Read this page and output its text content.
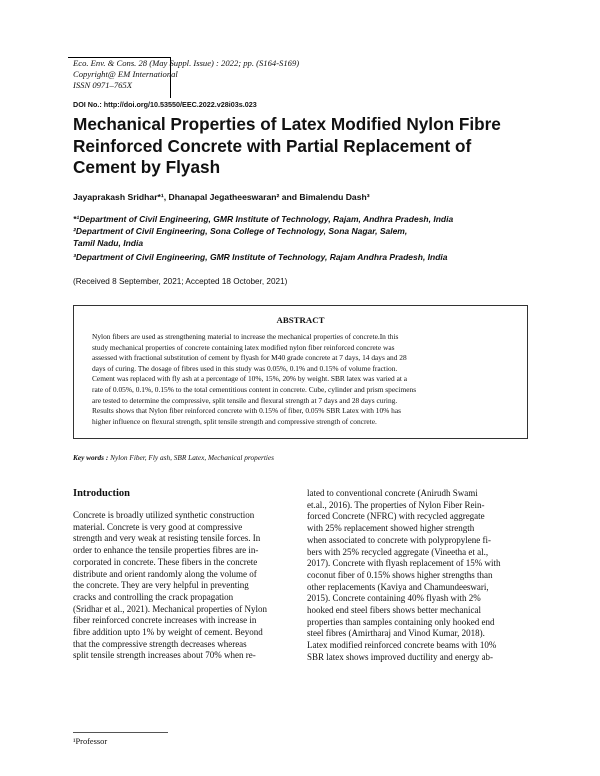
Eco. Env. & Cons. 28 (May Suppl. Issue) : 2022; pp. (S164-S169)
Copyright@ EM International
ISSN 0971–765X
DOI No.: http://doi.org/10.53550/EEC.2022.v28i03s.023
Mechanical Properties of Latex Modified Nylon Fibre
Reinforced Concrete with Partial Replacement of
Cement by Flyash
Jayaprakash Sridhar*¹, Dhanapal Jegatheeswaran² and Bimalendu Dash³
*¹Department of Civil Engineering, GMR Institute of Technology, Rajam, Andhra Pradesh, India
²Department of Civil Engineering, Sona College of Technology, Sona Nagar, Salem,
Tamil Nadu, India
³Department of Civil Engineering, GMR Institute of Technology, Rajam Andhra Pradesh, India
(Received 8 September, 2021; Accepted 18 October, 2021)
ABSTRACT
Nylon fibers are used as strengthening material to increase the mechanical properties of concrete.In this
study mechanical properties of concrete containing latex modified nylon fiber reinforced concrete was
assessed with fractional substitution of cement by flyash for M40 grade concrete at 7 days, 14 days and 28
days of curing. The dosage of fibres used in this study was 0.05%, 0.1% and 0.15% of volume fraction.
Cement was replaced with fly ash at a percentage of 10%, 15%, 20% by weight. SBR latex was varied at a
rate of 0.05%, 0.1%, 0.15% to the total cementitious content in concrete. Cube, cylinder and prism specimens
are tested to determine the compressive, split tensile and flexural strength at 7 days and 28 days curing.
Results shows that Nylon fiber reinforced concrete with 0.15% of fiber, 0.05% SBR Latex with 10% has
higher influence on flexural strength, split tensile strength and compressive strength of concrete.
Key words : Nylon Fiber, Fly ash, SBR Latex, Mechanical properties
Introduction
Concrete is broadly utilized synthetic construction
material. Concrete is very good at compressive
strength and very weak at resisting tensile forces. In
order to enhance the tensile properties fibres are in-
corporated in concrete. These fibers in the concrete
distribute and orient randomly along the volume of
the concrete. They are very helpful in preventing
cracks and controlling the crack propagation
(Sridhar et al., 2021). Mechanical properties of Nylon
fiber reinforced concrete increases with increase in
fibre addition upto 1% by weight of cement. Beyond
that the compressive strength decreases whereas
split tensile strength increases about 70% when re-
lated to conventional concrete (Anirudh Swami
et.al., 2016). The properties of Nylon Fiber Rein-
forced Concrete (NFRC) with recycled aggregate
with 25% replacement showed higher strength
when associated to concrete with polypropylene fi-
bers with 25% recycled aggregate (Vineetha et al.,
2017). Concrete with flyash replacement of 15% with
coconut fiber of 0.15% shows higher strengths than
other replacements (Kaviya and Chamundeeswari,
2015). Concrete containing 40% flyash with 2%
hooked end steel fibers shows better mechanical
properties than samples containing only hooked end
steel fibres (Amirtharaj and Vinod Kumar, 2018).
Latex modified reinforced concrete beams with 10%
SBR latex shows improved ductility and energy ab-
¹Professor
